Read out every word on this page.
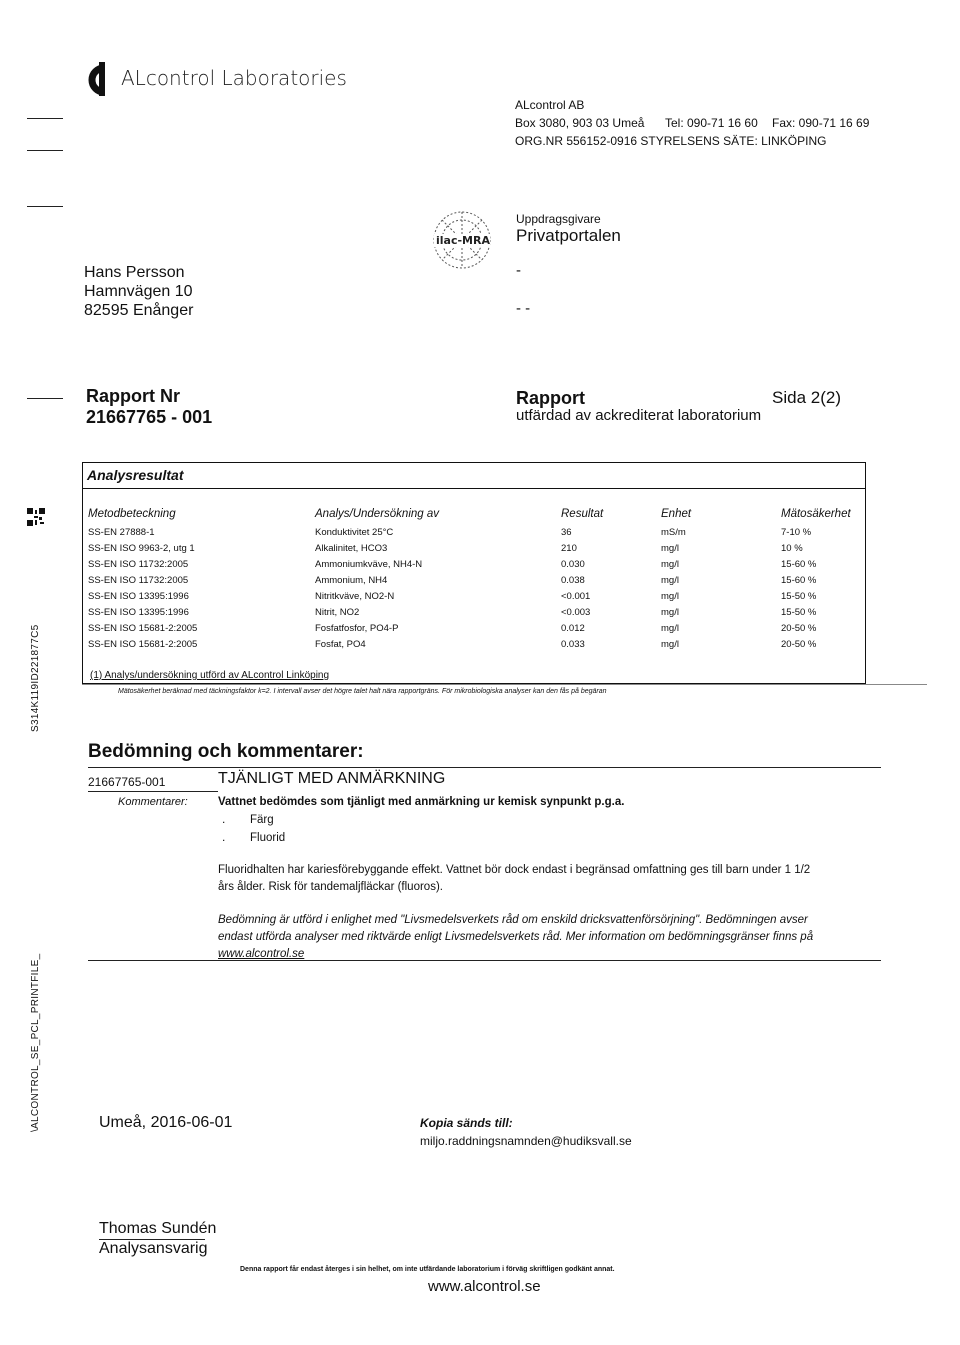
ALcontrol Laboratories
ALcontrol AB
Box 3080, 903 03 Umeå Tel: 090-71 16 60 Fax: 090-71 16 69
ORG.NR 556152-0916 STYRELSENS SÄTE: LINKÖPING
ilac-MRA
Uppdragsgivare
Privatportalen
-
- -
Hans Persson
Hamnvägen 10
82595 Enånger
Rapport Nr
21667765 - 001
Rapport	Sida 2(2)
utfärdad av ackrediterat laboratorium
Analysresultat
Metodbeteckning	Analys/Undersökning av	Resultat	Enhet	Mätosäkerhet
SS-EN 27888-1	Konduktivitet 25°C	36	mS/m	7-10 %
SS-EN ISO 9963-2, utg 1	Alkalinitet, HCO3	210	mg/l	10 %
SS-EN ISO 11732:2005	Ammoniumkväve, NH4-N	0.030	mg/l	15-60 %
SS-EN ISO 11732:2005	Ammonium, NH4	0.038	mg/l	15-60 %
SS-EN ISO 13395:1996	Nitritkväve, NO2-N	<0.001	mg/l	15-50 %
SS-EN ISO 13395:1996	Nitrit, NO2	<0.003	mg/l	15-50 %
SS-EN ISO 15681-2:2005	Fosfatfosfor, PO4-P	0.012	mg/l	20-50 %
SS-EN ISO 15681-2:2005	Fosfat, PO4	0.033	mg/l	20-50 %
(1) Analys/undersökning utförd av ALcontrol Linköping
Mätosäkerhet beräknad med täckningsfaktor k=2. I intervall avser det högre talet halt nära rapportgräns. För mikrobiologiska analyser kan den fås på begäran
S314K119ID221877C5
\ALCONTROL_SE_PCL_PRINTFILE_
Bedömning och kommentarer:
21667765-001	TJÄNLIGT MED ANMÄRKNING
Kommentarer:	Vattnet bedömdes som tjänligt med anmärkning ur kemisk synpunkt p.g.a.
. Färg
. Fluorid
Fluoridhalten har kariesförebyggande effekt. Vattnet bör dock endast i begränsad omfattning ges till barn under 1 1/2
års ålder. Risk för tandemaljfläckar (fluoros).
Bedömning är utförd i enlighet med "Livsmedelsverkets råd om enskild dricksvattenförsörjning". Bedömningen avser
endast utförda analyser med riktvärde enligt Livsmedelsverkets råd. Mer information om bedömningsgränser finns på
www.alcontrol.se
Umeå, 2016-06-01	Kopia sänds till:
miljo.raddningsnamnden@hudiksvall.se
Thomas Sundén
Analysansvarig
Denna rapport får endast återges i sin helhet, om inte utfärdande laboratorium i förväg skriftligen godkänt annat.
www.alcontrol.se
